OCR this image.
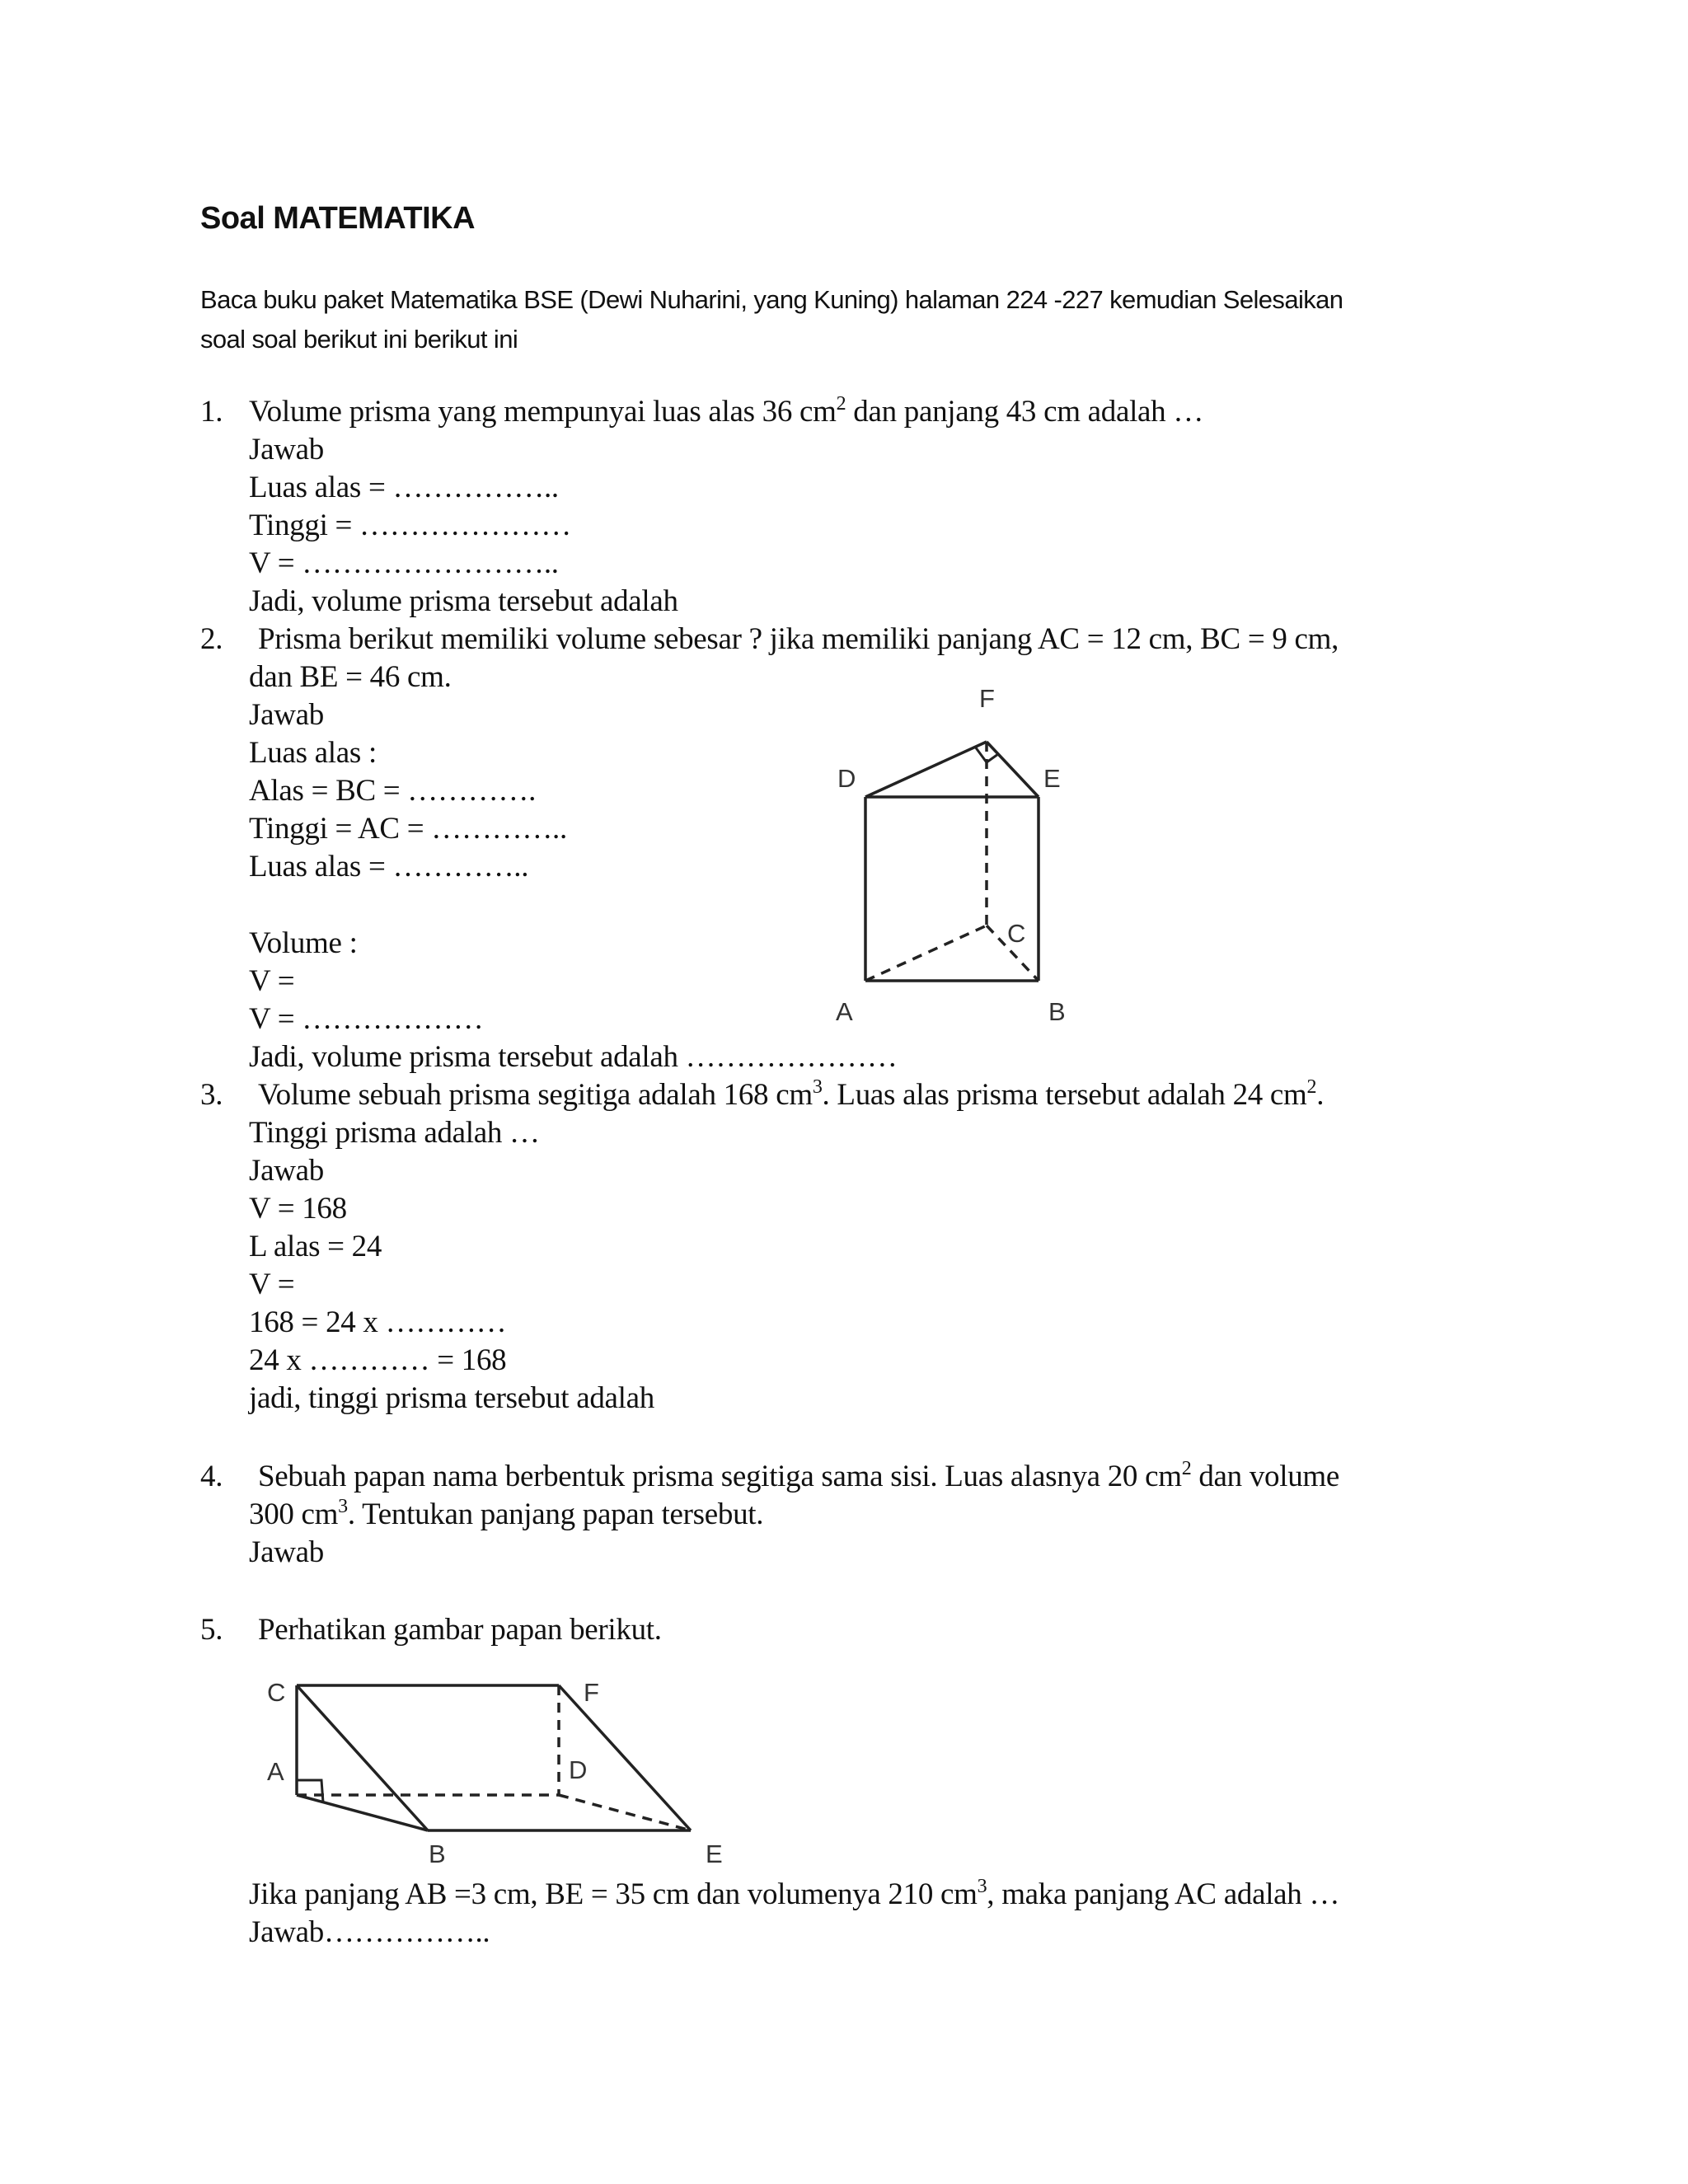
Soal MATEMATIKA
Baca buku paket Matematika BSE (Dewi Nuharini, yang Kuning) halaman 224 -227 kemudian Selesaikan
soal soal berikut ini berikut ini
1. Volume prisma yang mempunyai luas alas 36 $cm^2$ dan panjang 43 cm adalah …
Jawab
Luas alas = ……………..
Tinggi = …………………
V = ……………………..
Jadi, volume prisma tersebut adalah
2. Prisma berikut memiliki volume sebesar ? jika memiliki panjang AC = 12 cm, BC = 9 cm,
dan BE = 46 cm.
Jawab
Luas alas :
Alas = BC = ………….
Tinggi = AC = …………..
Luas alas = …………..
Volume :
V =
V = ………………
Jadi, volume prisma tersebut adalah …………………
F
D	E
C
A	B
3. Volume sebuah prisma segitiga adalah 168 $cm^3$. Luas alas prisma tersebut adalah 24 $cm^2$.
Tinggi prisma adalah …
Jawab
V = 168
L alas = 24
V =
168 = 24 x …………
24 x ………… = 168
jadi, tinggi prisma tersebut adalah
4. Sebuah papan nama berbentuk prisma segitiga sama sisi. Luas alasnya 20 $cm^2$ dan volume
300 $cm^3$. Tentukan panjang papan tersebut.
Jawab
5. Perhatikan gambar papan berikut.
C	F
A	D
B	E
Jika panjang AB =3 cm, BE = 35 cm dan volumenya 210 $cm^3$, maka panjang AC adalah …
Jawab……………..
